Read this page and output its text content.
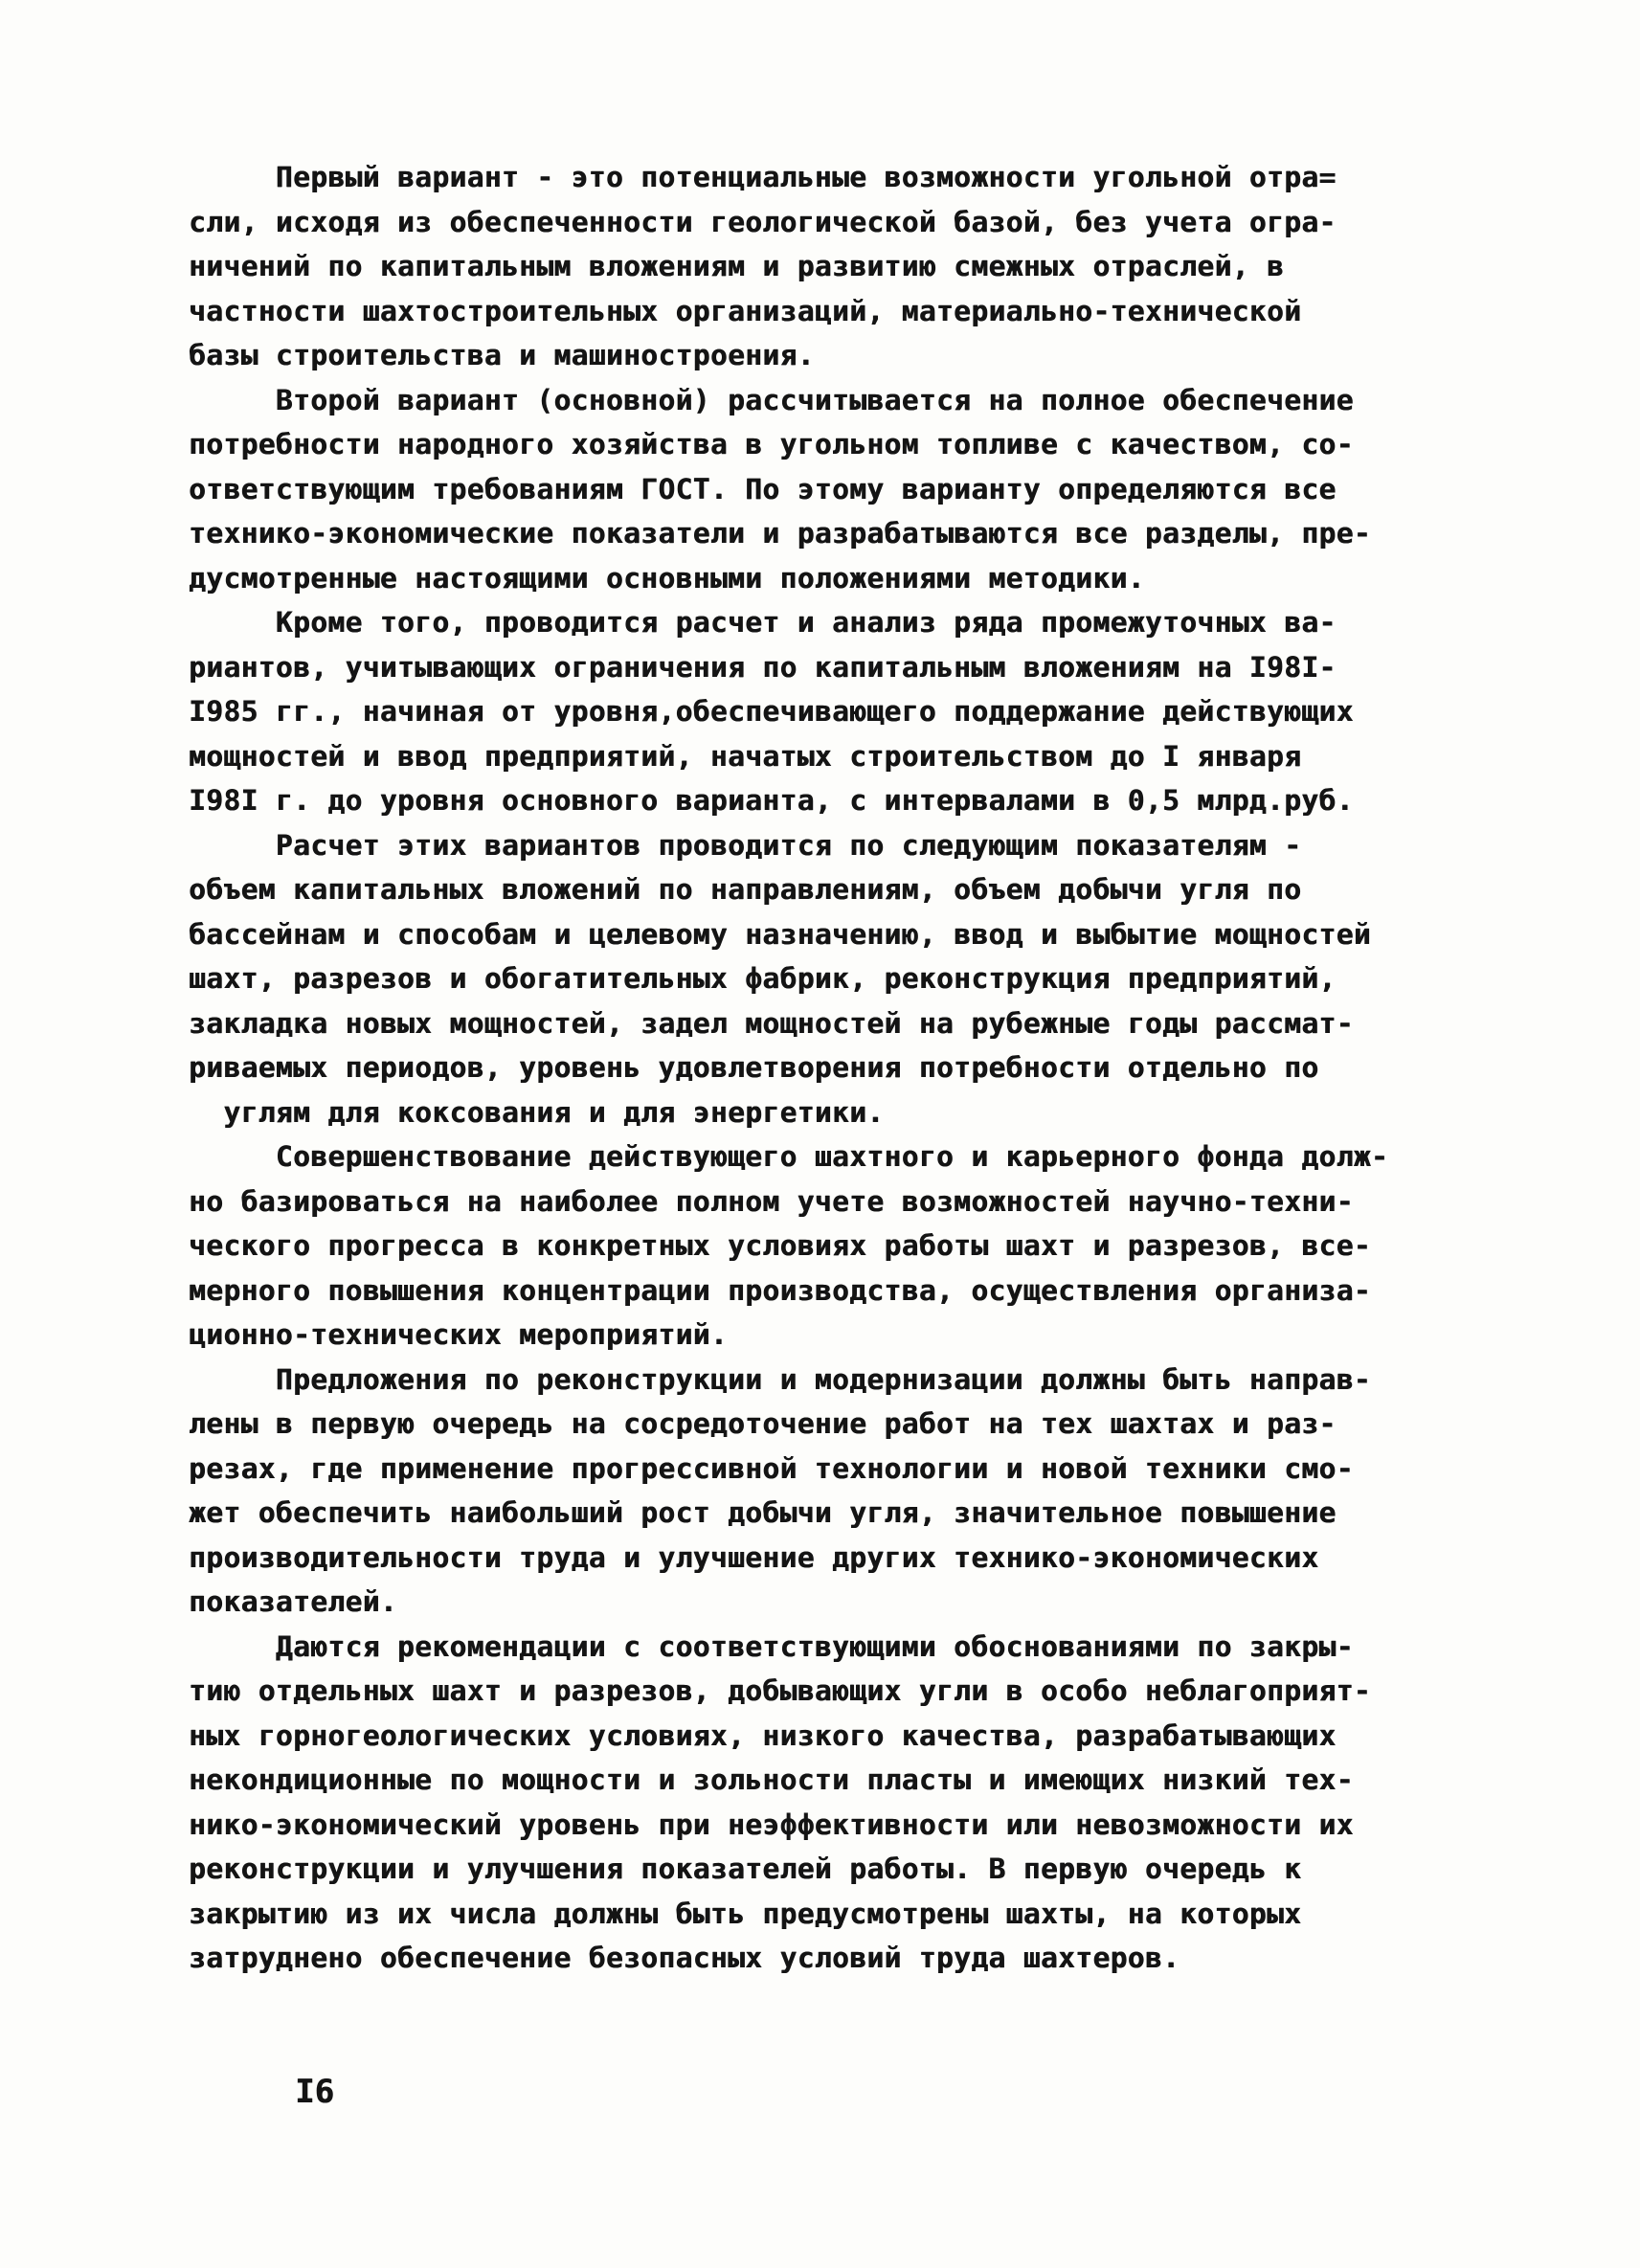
Первый вариант - это потенциальные возможности угольной отра=
сли, исходя из обеспеченности геологической базой, без учета огра-
ничений по капитальным вложениям и развитию смежных отраслей, в
частности шахтостроительных организаций, материально-технической
базы строительства и машиностроения.
Второй вариант (основной) рассчитывается на полное обеспечение
потребности народного хозяйства в угольном топливе с качеством, со-
ответствующим требованиям ГОСТ. По этому варианту определяются все
технико-экономические показатели и разрабатываются все разделы, пре-
дусмотренные настоящими основными положениями методики.
Кроме того, проводится расчет и анализ ряда промежуточных ва-
риантов, учитывающих ограничения по капитальным вложениям на I98I-
I985 гг., начиная от уровня,обеспечивающего поддержание действующих
мощностей и ввод предприятий, начатых строительством до I января
I98I г. до уровня основного варианта, с интервалами в 0,5 млрд.руб.
Расчет этих вариантов проводится по следующим показателям -
объем капитальных вложений по направлениям, объем добычи угля по
бассейнам и способам и целевому назначению, ввод и выбытие мощностей
шахт, разрезов и обогатительных фабрик, реконструкция предприятий,
закладка новых мощностей, задел мощностей на рубежные годы рассмат-
риваемых периодов, уровень удовлетворения потребности отдельно по
углям для коксования и для энергетики.
Совершенствование действующего шахтного и карьерного фонда долж-
но базироваться на наиболее полном учете возможностей научно-техни-
ческого прогресса в конкретных условиях работы шахт и разрезов, все-
мерного повышения концентрации производства, осуществления организа-
ционно-технических мероприятий.
Предложения по реконструкции и модернизации должны быть направ-
лены в первую очередь на сосредоточение работ на тех шахтах и раз-
резах, где применение прогрессивной технологии и новой техники смо-
жет обеспечить наибольший рост добычи угля, значительное повышение
производительности труда и улучшение других технико-экономических
показателей.
Даются рекомендации с соответствующими обоснованиями по закры-
тию отдельных шахт и разрезов, добывающих угли в особо неблагоприят-
ных горногеологических условиях, низкого качества, разрабатывающих
некондиционные по мощности и зольности пласты и имеющих низкий тех-
нико-экономический уровень при неэффективности или невозможности их
реконструкции и улучшения показателей работы. В первую очередь к
закрытию из их числа должны быть предусмотрены шахты, на которых
затруднено обеспечение безопасных условий труда шахтеров.
I6
